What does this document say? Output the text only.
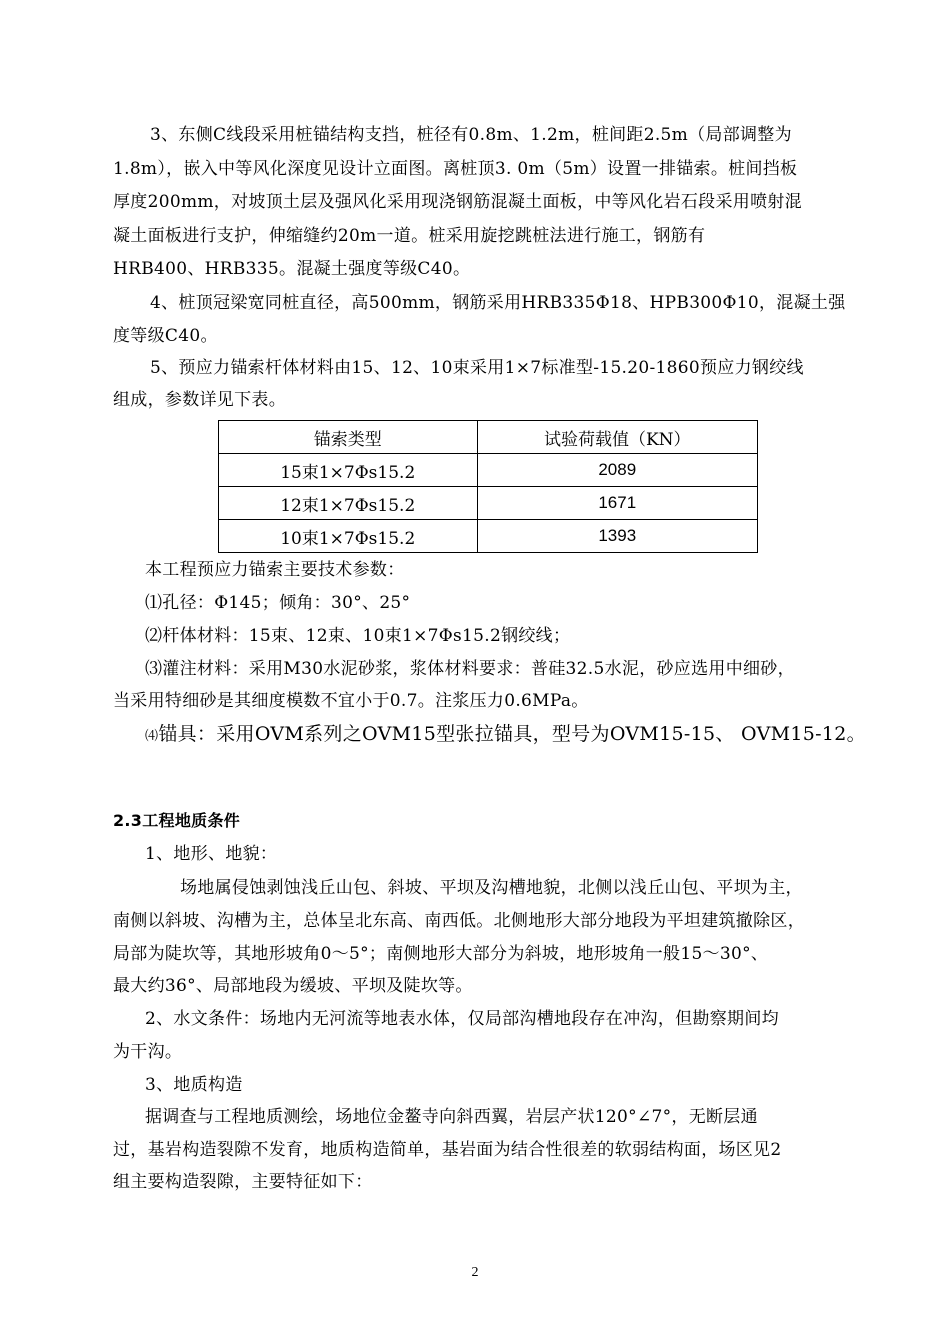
3、东侧C线段采用桩锚结构支挡，桩径有0.8m、1.2m，桩间距2.5m（局部调整为
1.8m），嵌入中等风化深度见设计立面图。离桩顶3. 0m（5m）设置一排锚索。桩间挡板
厚度200mm，对坡顶土层及强风化采用现浇钢筋混凝土面板，中等风化岩石段采用喷射混
凝土面板进行支护，伸缩缝约20m一道。桩采用旋挖跳桩法进行施工，钢筋有
HRB400、HRB335。混凝土强度等级C40。
4、桩顶冠梁宽同桩直径，高500mm，钢筋采用HRB335Φ18、HPB300Φ10，混凝土强
度等级C40。
5、预应力锚索杆体材料由15、12、10束采用1×7标准型-15.20-1860预应力钢绞线
组成，参数详见下表。
锚索类型	试验荷载值（KN）
15束1×7Φs15.2	2089
12束1×7Φs15.2	1671
10束1×7Φs15.2	1393
本工程预应力锚索主要技术参数：
⑴孔径：Φ145；倾角：30°、25°
⑵杆体材料：15束、12束、10束1×7Φs15.2钢绞线；
⑶灌注材料：采用M30水泥砂浆，浆体材料要求：普硅32.5水泥，砂应选用中细砂，
当采用特细砂是其细度模数不宜小于0.7。注浆压力0.6MPa。
⑷锚具：采用OVM系列之OVM15型张拉锚具，型号为OVM15-15、 OVM15-12。
2.3工程地质条件
1、地形、地貌：
场地属侵蚀剥蚀浅丘山包、斜坡、平坝及沟槽地貌，北侧以浅丘山包、平坝为主，
南侧以斜坡、沟槽为主，总体呈北东高、南西低。北侧地形大部分地段为平坦建筑撤除区，
局部为陡坎等，其地形坡角0～5°；南侧地形大部分为斜坡，地形坡角一般15～30°、
最大约36°、局部地段为缓坡、平坝及陡坎等。
2、水文条件：场地内无河流等地表水体，仅局部沟槽地段存在冲沟，但勘察期间均
为干沟。
3、地质构造
据调查与工程地质测绘，场地位金鳌寺向斜西翼，岩层产状120°∠7°，无断层通
过，基岩构造裂隙不发育，地质构造简单，基岩面为结合性很差的软弱结构面，场区见2
组主要构造裂隙，主要特征如下：
2
